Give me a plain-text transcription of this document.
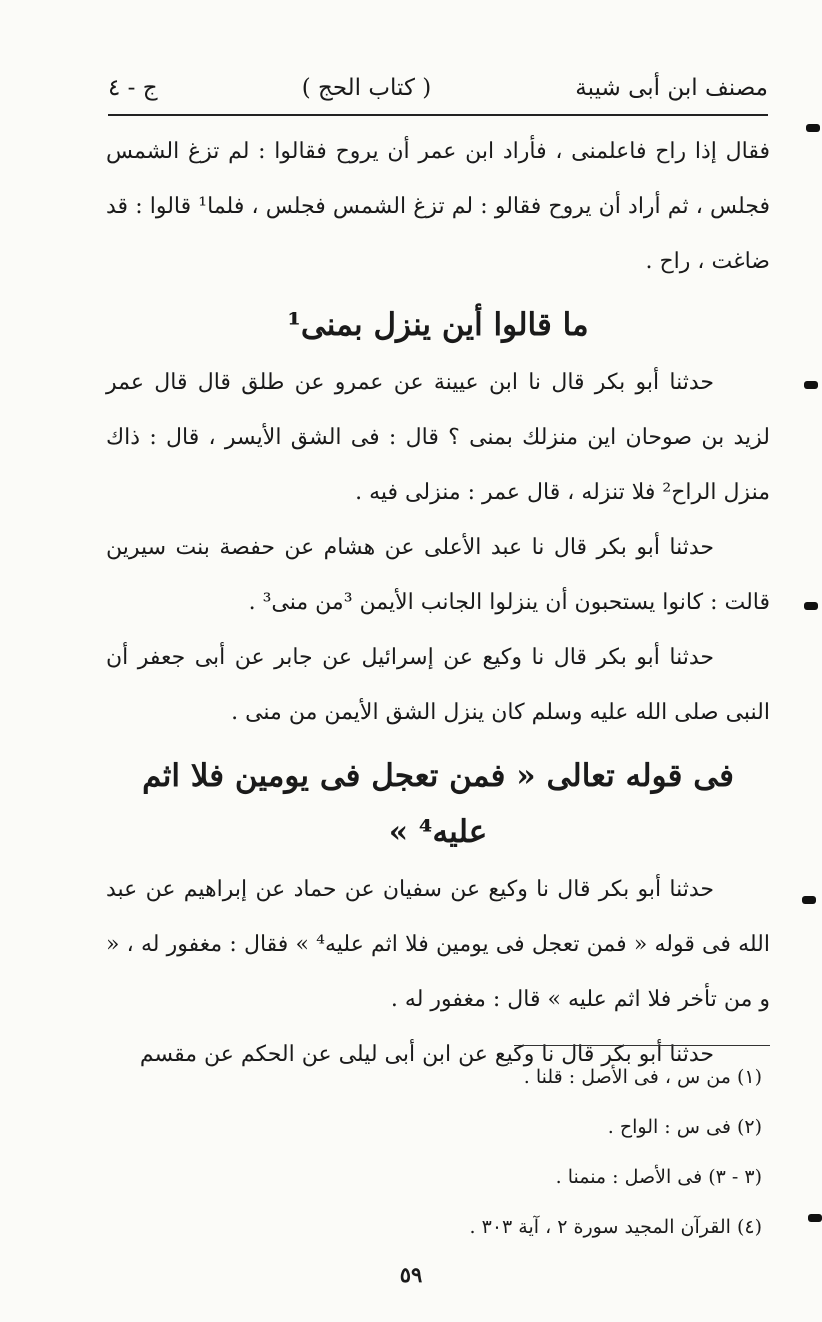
مصنف ابن أبى شيبة
( كتاب الحج )
ج - ٤

فقال إذا راح فاعلمنى ، فأراد ابن عمر أن يروح فقالوا : لم تزغ الشمس فجلس ، ثم أراد أن يروح فقالو : لم تزغ الشمس فجلس ، فلما¹ قالوا : قد ضاغت ، راح .

ما قالوا أين ينزل بمنى¹

حدثنا أبو بكر قال نا ابن عيينة عن عمرو عن طلق قال قال عمر لزيد بن صوحان اين منزلك بمنى ؟ قال : فى الشق الأيسر ، قال : ذاك منزل الراح² فلا تنزله ، قال عمر : منزلى فيه .

حدثنا أبو بكر قال نا عبد الأعلى عن هشام عن حفصة بنت سيرين قالت : كانوا يستحبون أن ينزلوا الجانب الأيمن ³من منى³ .

حدثنا أبو بكر قال نا وكيع عن إسرائيل عن جابر عن أبى جعفر أن النبى صلى الله عليه وسلم كان ينزل الشق الأيمن من منى .

فى قوله تعالى « فمن تعجل فى يومين فلا اثم عليه⁴ »

حدثنا أبو بكر قال نا وكيع عن سفيان عن حماد عن إبراهيم عن عبد الله فى قوله « فمن تعجل فى يومين فلا اثم عليه⁴ » فقال : مغفور له ، « و من تأخر فلا اثم عليه » قال : مغفور له .

حدثنا أبو بكر قال نا وكيع عن ابن أبى ليلى عن الحكم عن مقسم

(١) من س ، فى الأصل : قلنا .

(٢) فى س : الواح .

(٣ - ٣) فى الأصل : منمنا .

(٤) القرآن المجيد سورة ٢ ، آية ٣٠٣ .

٥٩
